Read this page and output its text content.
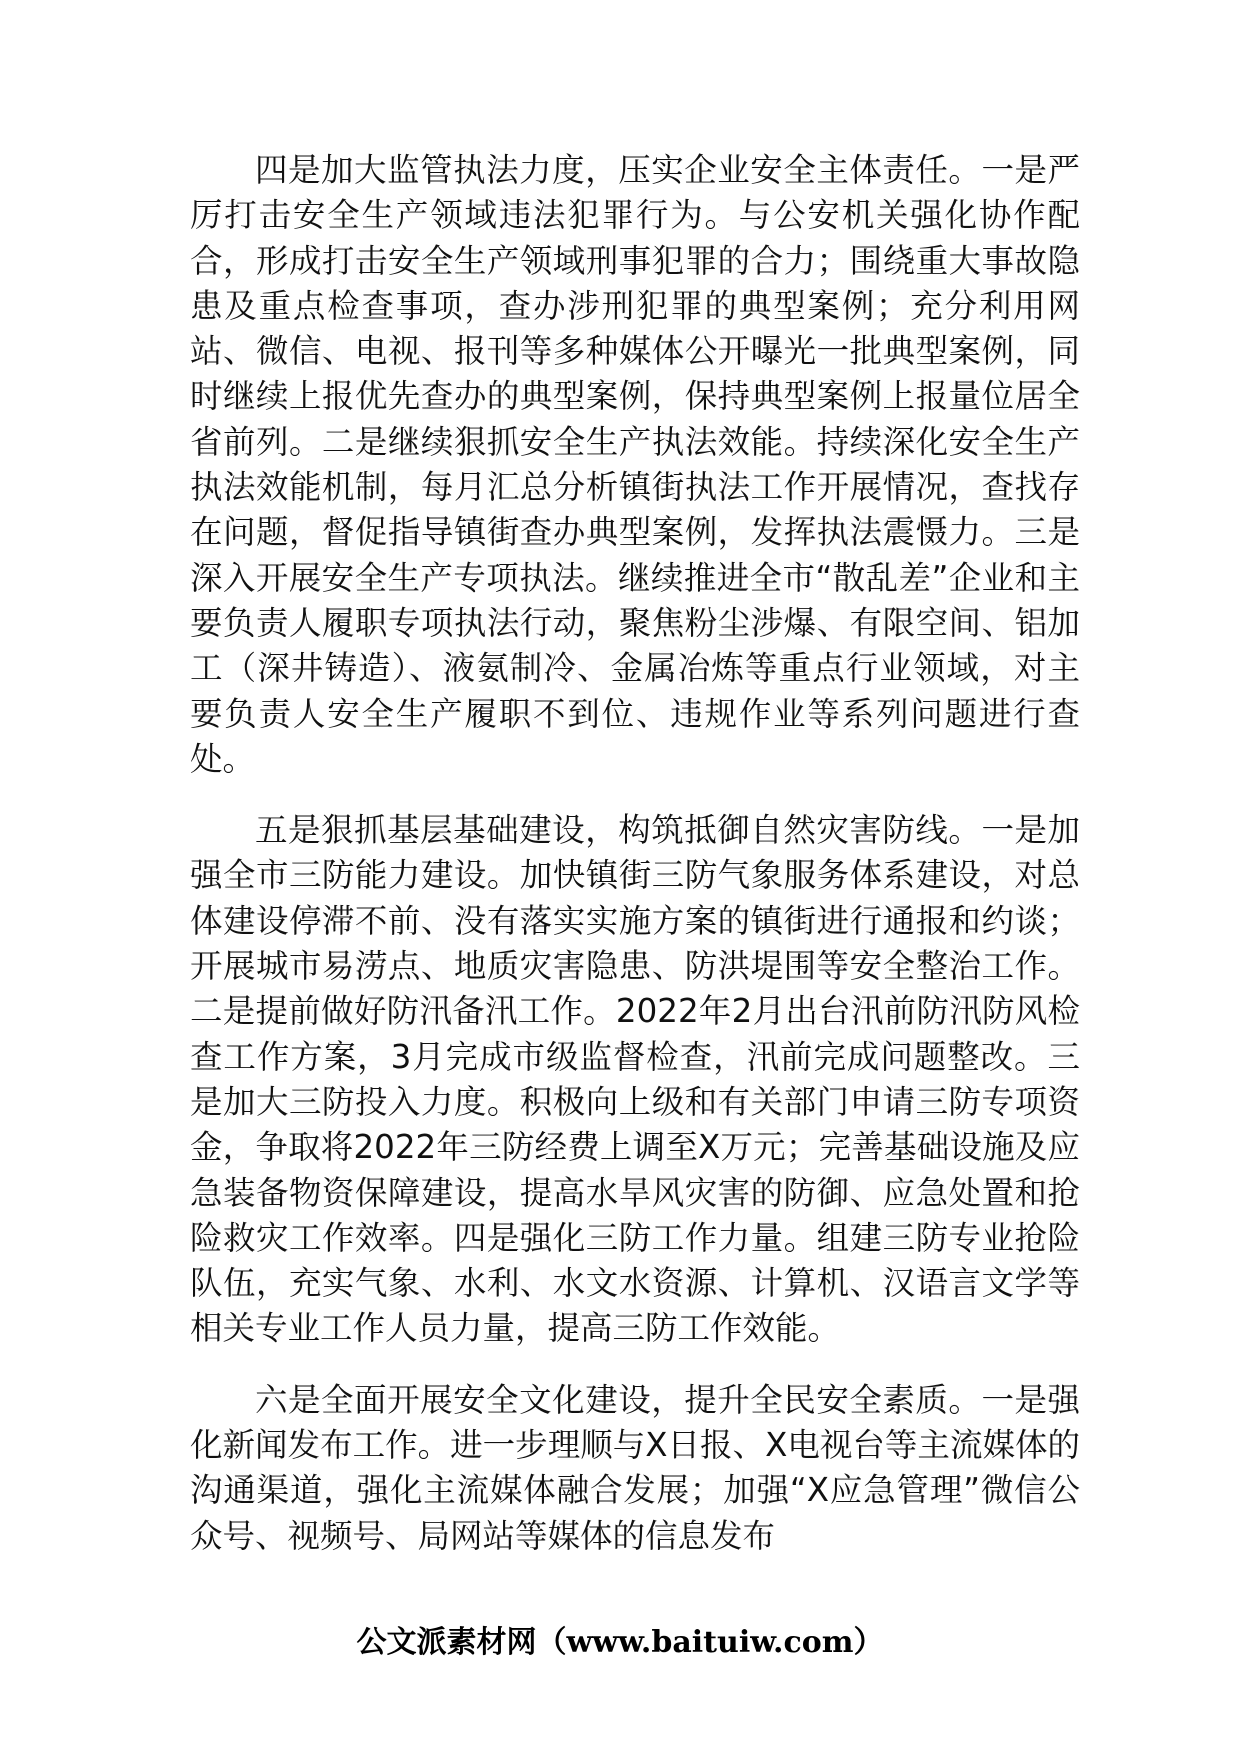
四是加大监管执法力度，压实企业安全主体责任。一是严厉打击安全生产领域违法犯罪行为。与公安机关强化协作配合，形成打击安全生产领域刑事犯罪的合力；围绕重大事故隐患及重点检查事项，查办涉刑犯罪的典型案例；充分利用网站、微信、电视、报刊等多种媒体公开曝光一批典型案例，同时继续上报优先查办的典型案例，保持典型案例上报量位居全省前列。二是继续狠抓安全生产执法效能。持续深化安全生产执法效能机制，每月汇总分析镇街执法工作开展情况，查找存在问题，督促指导镇街查办典型案例，发挥执法震慑力。三是深入开展安全生产专项执法。继续推进全市“散乱差”企业和主要负责人履职专项执法行动，聚焦粉尘涉爆、有限空间、铝加工（深井铸造）、液氨制冷、金属冶炼等重点行业领域，对主要负责人安全生产履职不到位、违规作业等系列问题进行查处。

五是狠抓基层基础建设，构筑抵御自然灾害防线。一是加强全市三防能力建设。加快镇街三防气象服务体系建设，对总体建设停滞不前、没有落实实施方案的镇街进行通报和约谈；开展城市易涝点、地质灾害隐患、防洪堤围等安全整治工作。二是提前做好防汛备汛工作。2022年2月出台汛前防汛防风检查工作方案，3月完成市级监督检查，汛前完成问题整改。三是加大三防投入力度。积极向上级和有关部门申请三防专项资金，争取将2022年三防经费上调至X万元；完善基础设施及应急装备物资保障建设，提高水旱风灾害的防御、应急处置和抢险救灾工作效率。四是强化三防工作力量。组建三防专业抢险队伍，充实气象、水利、水文水资源、计算机、汉语言文学等相关专业工作人员力量，提高三防工作效能。

六是全面开展安全文化建设，提升全民安全素质。一是强化新闻发布工作。进一步理顺与X日报、X电视台等主流媒体的沟通渠道，强化主流媒体融合发展；加强“X应急管理”微信公众号、视频号、局网站等媒体的信息发布

公文派素材网（www.baituiw.com）
